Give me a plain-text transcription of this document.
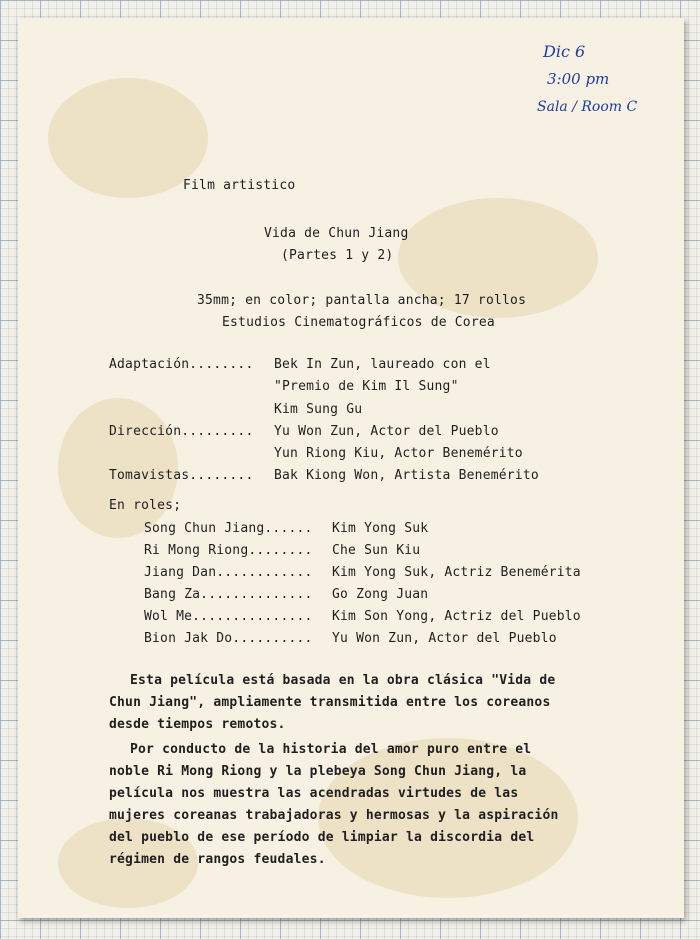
Dic 6
3:00 pm
Sala / Room C
Film artistico
Vida de Chun Jiang
(Partes 1 y 2)
35mm; en color; pantalla ancha; 17 rollos
Estudios Cinematográficos de Corea
Adaptación........ Bek In Zun, laureado con el
"Premio de Kim Il Sung"
Kim Sung Gu
Dirección......... Yu Won Zun, Actor del Pueblo
Yun Riong Kiu, Actor Benemérito
Tomavistas........ Bak Kiong Won, Artista Benemérito
En roles;
Song Chun Jiang...... Kim Yong Suk
Ri Mong Riong........ Che Sun Kiu
Jiang Dan............ Kim Yong Suk, Actriz Benemérita
Bang Za.............. Go Zong Juan
Wol Me............... Kim Son Yong, Actriz del Pueblo
Bion Jak Do.......... Yu Won Zun, Actor del Pueblo
Esta película está basada en la obra clásica "Vida de
Chun Jiang", ampliamente transmitida entre los coreanos
desde tiempos remotos.
Por conducto de la historia del amor puro entre el
noble Ri Mong Riong y la plebeya Song Chun Jiang, la
película nos muestra las acendradas virtudes de las
mujeres coreanas trabajadoras y hermosas y la aspiración
del pueblo de ese período de limpiar la discordia del
régimen de rangos feudales.
